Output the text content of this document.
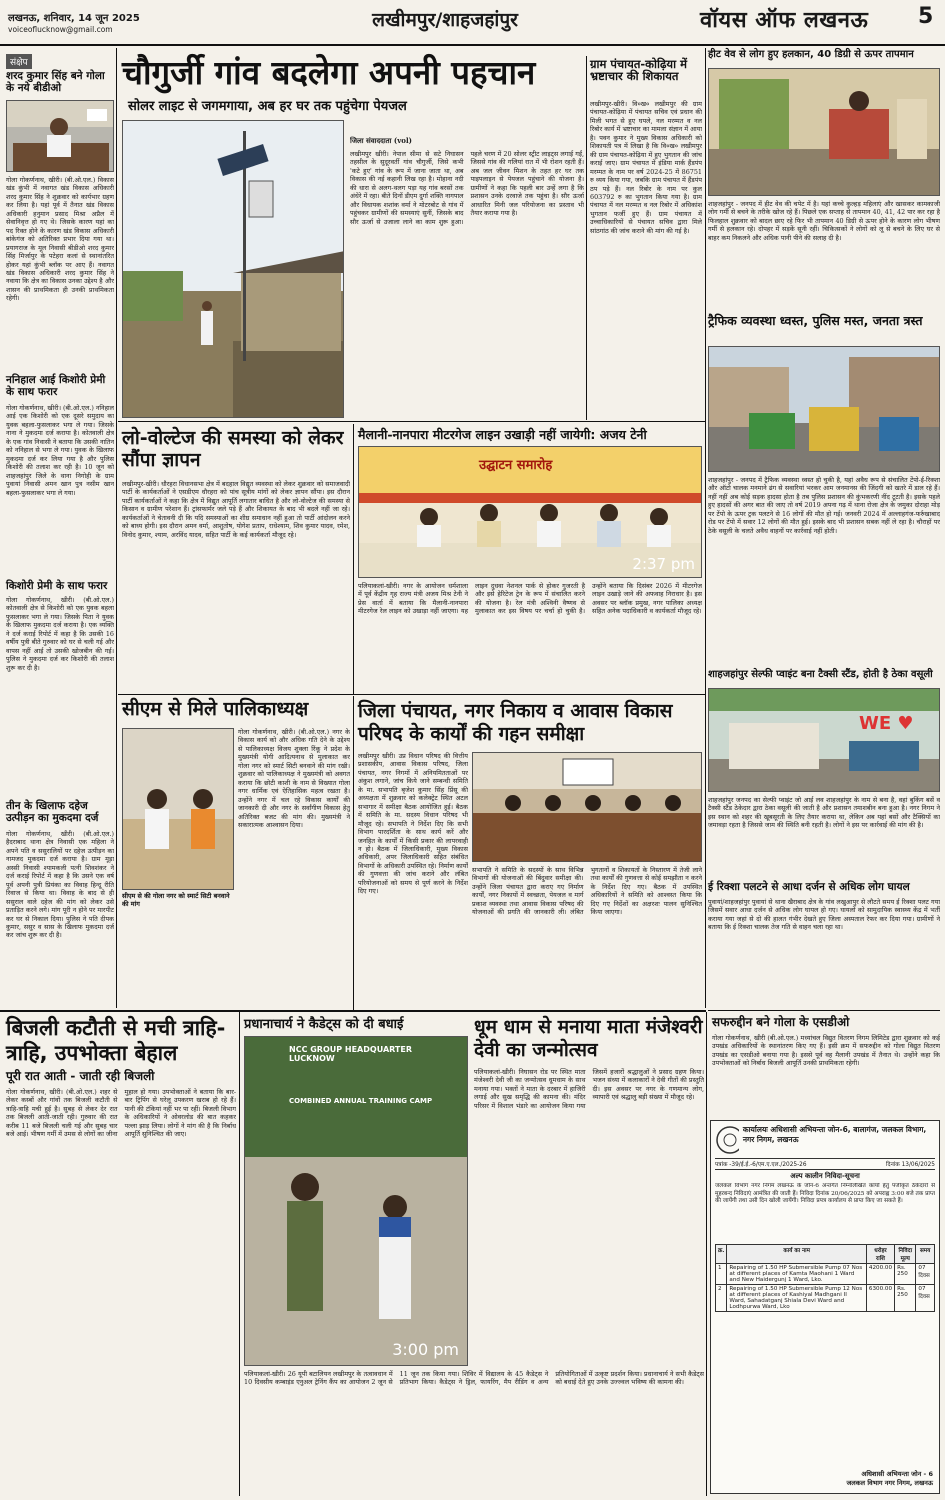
लखनऊ, शनिवार, 14 जून 2025
voiceoflucknow@gmail.com	लखीमपुर/शाहजहांपुर	वॉयस ऑफ लखनऊ 5
संक्षेप
शरद कुमार सिंह बने गोला के नये बीडीओ
गोला गोकर्णनाथ, खीरी। (बी.ओ.एल.) विकास खंड कुंभी में नवागत खंड विकास अधिकारी शरद कुमार सिंह ने शुक्रवार को कार्यभार ग्रहण कर लिया है। यहां पूर्व में तैनात खंड विकास अधिकारी हनुमान प्रसाद मिश्रा अप्रैल में सेवानिवृत्त हो गए थे। जिसके कारण यहां का पद रिक्त होने के कारण खंड विकास अधिकारी बांकेगंज को अतिरिक्त प्रभार दिया गया था। प्रयागराज के मूल निवासी बीडीओ शरद कुमार सिंह मिर्जापुर के पटेहरा कलां से स्थानांतरित होकर यहां कुंभी ब्लॉक पर आए हैं। नवागत खंड विकास अधिकारी शरद कुमार सिंह ने नवाया कि क्षेत्र का विकास उनका उद्देश्य है और शासन की प्राथमिकता ही उनकी प्राथमिकता रहेगी।
ननिहाल आई किशोरी प्रेमी के साथ फरार
गोला गोकर्णनाथ, खीरी। (बी.ओ.एल.) ननिहाल आई एक किशोरी को एक दूसरे समुदाय का युवक बहला-फुसलाकर भगा ले गया। जिसके नाना ने मुकदमा दर्ज कराया है। कोतवाली क्षेत्र के एक गांव निवासी ने बताया कि उसकी नातिन को ननिहाल से भगा ले गया। युवक के खिलाफ मुकदमा दर्ज कर लिया गया है और पुलिस किशोरी की तलाश कर रही है। 10 जून को शाहजहांपुर जिले के थाना निगोही के ग्राम पुवायां निवासी अमन खान पुत्र नसीम खान बहला-फुसलाकर भगा ले गया।
किशोरी प्रेमी के साथ फरार
गोला गोकर्णनाथ, खीरी। (बी.ओ.एल.) कोतवाली क्षेत्र से किशोरी को एक युवक बहला फुसलाकर भगा ले गया। जिसके पिता ने युवक के खिलाफ मुकदमा दर्ज कराया है। एक व्यक्ति ने दर्ज कराई रिपोर्ट में कहा है कि उसकी 16 वर्षीय पुत्री बीते गुरुवार को घर से चली गई और वापस नहीं आई तो उसकी खोजबीन की गई। पुलिस ने मुकदमा दर्ज कर किशोरी की तलाश शुरू कर दी है।
तीन के खिलाफ दहेज उत्पीड़न का मुकदमा दर्ज
गोला गोकर्णनाथ, खीरी। (बी.ओ.एल.) हैदराबाद थाना क्षेत्र निवासी एक महिला ने अपने पति व ससुरालियों पर दहेज उत्पीड़न का नामजद मुकदमा दर्ज कराया है। ग्राम मूड़ा अस्सी निवासी श्यामकली पत्नी शिवशंकर ने दर्ज कराई रिपोर्ट में कहा है कि उसने एक वर्ष पूर्व अपनी पुत्री प्रियंका का विवाह हिन्दू रीति रिवाज से किया था। विवाह के बाद से ही ससुराल वाले दहेज की मांग को लेकर उसे प्रताड़ित करने लगे। मांग पूरी न होने पर मारपीट कर घर से निकाल दिया। पुलिस ने पति दीपक कुमार, ससुर व सास के खिलाफ मुकदमा दर्ज कर जांच शुरू कर दी है।
चौगुर्जी गांव बदलेगा अपनी पहचान
सोलर लाइट से जगमगाया, अब हर घर तक पहुंचेगा पेयजल
जिला संवाददाता (vol)
लखीमपुर खीरी। नेपाल सीमा से सटे निघासन तहसील के सुदूरवर्ती गांव चौगुर्जी, जिसे कभी 'कटे हुए' गांव के रूप में जाना जाता था, अब विकास की नई कहानी लिख रहा है। मोहाना नदी की धारा से अलग-थलग पड़ा यह गांव बरसों तक अंधेरे में रहा। बीते दिनों डीएम दुर्गा शक्ति नागपाल और विधायक शशांक वर्मा ने मोटरबोट से गांव में पहुंचकर ग्रामीणों की समस्याएं सुनीं, जिसके बाद सौर ऊर्जा से उजाला लाने का काम शुरू हुआ। पहले चरण में 20 सोलर स्ट्रीट लाइट्स लगाई गईं, जिससे गांव की गलियां रात में भी रोशन रहती हैं। अब जल जीवन मिशन के तहत हर घर तक पाइपलाइन से पेयजल पहुंचाने की योजना है। ग्रामीणों ने कहा कि पहली बार उन्हें लगा है कि प्रशासन उनके दरवाजे तक पहुंचा है। सौर ऊर्जा आधारित मिनी जल परियोजना का प्रस्ताव भी तैयार कराया गया है।
ग्राम पंचायत-कोढ़िया में भ्रष्टाचार की शिकायत
लखीमपुर-खीरी। वि०ख० लखीमपुर की ग्राम पंचायत-कोढ़िया में पंचायत सचिव एवं प्रधान की मिली भगत से हुए घपले, नल मरम्मत व नल रिबोर कार्य में भ्रष्टाचार का मामला संज्ञान में आया है। पवन कुमार ने मुख्य विकास अधिकारी को शिकायती पत्र में लिखा है कि वि०ख० लखीमपुर की ग्राम पंचायत-कोढ़िया में हुए भुगतान की जांच कराई जाए। ग्राम पंचायत में इंडिया मार्क हैंडपंप मरम्मत के नाम पर वर्ष 2024-25 में 86751 रु व्यय किया गया, जबकि ग्राम पंचायत में हैंडपंप ठप पड़े हैं। नल रिबोर के नाम पर कुल 603792 रु का भुगतान किया गया है। ग्राम पंचायत में नल मरम्मत व नल रिबोर में अधिकांश भुगतान फर्जी हुए हैं। ग्राम पंचायत में उच्चाधिकारियों से पंचायत सचिव द्वारा मिले सांठगांठ की जांच कराने की मांग की गई है।
हीट वेव से लोग हुए हलकान, 40 डिग्री से ऊपर तापमान
शाहजहांपुर - जनपद में हीट वेव की चपेट में है। यहां कच्चे कुल्हड़ महिलाएं और खासकर कामकाजी लोग गर्मी से बचने के तरीके खोज रहे हैं। पिछले एक सप्ताह से तापमान 40, 41, 42 पार कर रहा है फिलहाल शुक्रवार को बादल छाए रहे फिर भी तापमान 40 डिग्री से ऊपर होने के कारण लोग भीषण गर्मी से हलकान रहे। दोपहर में सड़कें सूनी रहीं। चिकित्सकों ने लोगों को लू से बचने के लिए घर से बाहर कम निकलने और अधिक पानी पीने की सलाह दी है।
ट्रैफिक व्यवस्था ध्वस्त, पुलिस मस्त, जनता त्रस्त
शाहजहांपुर - जनपद में ट्रैफिक व्यवस्था ध्वस्त हो चुकी है, यहां अवैध रूप से संचालित टेंपो-ई-रिक्शा और ऑटो चालक मनमाने ढंग से सवारियां भरकर आम जनमानस की जिंदगी को खतरे में डाल रहे हैं। नहीं नहीं अब कोई सड़क हादसा होता है तब पुलिस प्रशासन की कुंभकरणी नींद टूटती है। इसके पहले हुए हादसों की अगर बात की जाए तो वर्ष 2019 अपना गढ़ में थाना रोजा क्षेत्र के जमुका दोराहा मोड़ पर टेंपो के ऊपर ट्रक पलटने से 16 लोगों की मौत हो गई। जनवरी 2024 में अल्लाहगंज-फर्रुखाबाद रोड पर टेंपो में सवार 12 लोगों की मौत हुई। इसके बाद भी प्रशासन सबक नहीं ले रहा है। चौराहों पर ठेके वसूली के चलते अवैध वाहनों पर कार्रवाई नहीं होती।
शाहजहांपुर सेल्फी प्वाइंट बना टैक्सी स्टैंड, होती है ठेका वसूली
WE ♥
शाहजहांपुर जनपद का सेल्फी प्वाइंट जो आई लव शाहजहांपुर के नाम से बना है, वहां बुकिंग बसें व टैक्सी स्टैंड ठेकेदार द्वारा ठेका वसूली की जाती है और प्रशासन तमाशबीन बना हुआ है। नगर निगम ने इस स्थान को शहर की खूबसूरती के लिए तैयार कराया था, लेकिन अब यहां बसों और टैक्सियों का जमावड़ा रहता है जिससे जाम की स्थिति बनी रहती है। लोगों ने इस पर कार्रवाई की मांग की है।
ई रिक्शा पलटने से आधा दर्जन से अधिक लोग घायल
पुवायां/शाहजहांपुर पुवायां से थाना खैराबाद क्षेत्र के गांव लखुआपुर से लौटते समय ई रिक्शा पलट गया जिसमें सवार आधा दर्जन से अधिक लोग घायल हो गए। घायलों को सामुदायिक स्वास्थ्य केंद्र में भर्ती कराया गया जहां से दो की हालत गंभीर देखते हुए जिला अस्पताल रेफर कर दिया गया। ग्रामीणों ने बताया कि ई रिक्शा चालक तेज गति से वाहन चला रहा था।
लो-वोल्टेज की समस्या को लेकर सौंपा ज्ञापन
लखीमपुर-खीरी। धौरहरा विधानसभा क्षेत्र में बदहाल विद्युत व्यवस्था को लेकर शुक्रवार को समाजवादी पार्टी के कार्यकर्ताओं ने एसडीएम धौरहरा को पांच सूत्रीय मांगों को लेकर ज्ञापन सौंपा। इस दौरान पार्टी कार्यकर्ताओं ने कहा कि क्षेत्र में विद्युत आपूर्ति लगातार बाधित है और लो-वोल्टेज की समस्या से किसान व ग्रामीण परेशान हैं। ट्रांसफार्मर जले पड़े हैं और शिकायत के बाद भी बदले नहीं जा रहे। कार्यकर्ताओं ने चेतावनी दी कि यदि समस्याओं का शीघ्र समाधान नहीं हुआ तो पार्टी आंदोलन करने को बाध्य होगी। इस दौरान अमन वर्मा, आशुतोष, योगेश प्रताप, राधेश्याम, शिव कुमार यादव, रमेश, विनोद कुमार, श्याम, अरविंद यादव, सहित पार्टी के कई कार्यकर्ता मौजूद रहे।
मैलानी-नानपारा मीटरगेज लाइन उखाड़ी नहीं जायेगी: अजय टेनी
उद्घाटन समारोह
2:37 pm
पलियाकलां-खीरी। नगर के आयोजन धर्मशाला में पूर्व केंद्रीय गृह राज्य मंत्री अजय मिश्र टेनी ने प्रेस वार्ता में बताया कि मैलानी-नानपारा मीटरगेज रेल लाइन को उखाड़ा नहीं जाएगा। यह लाइन दुधवा नेशनल पार्क से होकर गुजरती है और इसे हेरिटेज ट्रेन के रूप में संचालित करने की योजना है। रेल मंत्री अश्विनी वैष्णव से मुलाकात कर इस विषय पर चर्चा हो चुकी है। उन्होंने बताया कि दिसंबर 2026 में मीटरगेज लाइन उखाड़े जाने की अफवाह निराधार है। इस अवसर पर ब्लॉक प्रमुख, नगर पालिका अध्यक्ष सहित अनेक पदाधिकारी व कार्यकर्ता मौजूद रहे।
सीएम से मिले पालिकाध्यक्ष
सीएम से की गोला नगर को स्मार्ट सिटी बनवाने की मांग
गोला गोकर्णनाथ, खीरी। (बी.ओ.एल.) नगर के विकास कार्य को और अधिक गति देने के उद्देश्य से पालिकाध्यक्ष विजय शुक्ला रिंकू ने प्रदेश के मुख्यमंत्री योगी आदित्यनाथ से मुलाकात कर गोला नगर को स्मार्ट सिटी बनवाने की मांग रखी। शुक्रवार को पालिकाध्यक्ष ने मुख्यमंत्री को अवगत कराया कि छोटी काशी के नाम से विख्यात गोला नगर धार्मिक एवं ऐतिहासिक महत्व रखता है। उन्होंने नगर में चल रहे विकास कार्यों की जानकारी दी और नगर के सर्वांगीण विकास हेतु अतिरिक्त बजट की मांग की। मुख्यमंत्री ने सकारात्मक आश्वासन दिया।
जिला पंचायत, नगर निकाय व आवास विकास परिषद के कार्यों की गहन समीक्षा
लखीमपुर खीरी। उप्र विधान परिषद की वित्तीय प्रशासकीय, आवास विकास परिषद, जिला पंचायत, नगर निगमों में अनियमितताओं पर अंकुश लगाने, जांच किये जाने सम्बन्धी समिति के मा. सभापति बृजेश कुमार सिंह प्रिंसू की अध्यक्षता में शुक्रवार को कलेक्ट्रेट स्थित अटल सभागार में समीक्षा बैठक आयोजित हुई। बैठक में समिति के मा. सदस्य विधान परिषद भी मौजूद रहे। सभापति ने निर्देश दिए कि सभी विभाग पारदर्शिता के साथ कार्य करें और जनहित के कार्यों में किसी प्रकार की लापरवाही न हो। बैठक में जिलाधिकारी, मुख्य विकास अधिकारी, अपर जिलाधिकारी सहित संबंधित विभागों के अधिकारी उपस्थित रहे। निर्माण कार्यों की गुणवत्ता की जांच कराने और लंबित परियोजनाओं को समय से पूर्ण करने के निर्देश दिए गए।
सभापति ने समिति के सदस्यों के साथ विभिन्न विभागों की योजनाओं की बिंदुवार समीक्षा की। उन्होंने जिला पंचायत द्वारा कराए गए निर्माण कार्यों, नगर निकायों में स्वच्छता, पेयजल व मार्ग प्रकाश व्यवस्था तथा आवास विकास परिषद की योजनाओं की प्रगति की जानकारी ली। लंबित भुगतानों व शिकायतों के निस्तारण में तेजी लाने तथा कार्यों की गुणवत्ता से कोई समझौता न करने के निर्देश दिए गए। बैठक में उपस्थित अधिकारियों ने समिति को आश्वस्त किया कि दिए गए निर्देशों का अक्षरशः पालन सुनिश्चित किया जाएगा।
सफरुद्दीन बने गोला के एसडीओ
गोला गोकर्णनाथ, खीरी (बी.ओ.एल.) मध्यांचल विद्युत वितरण निगम लिमिटेड द्वारा शुक्रवार को कई उपखंड अधिकारियों के स्थानांतरण किए गए हैं। इसी क्रम में सफरुद्दीन को गोला विद्युत वितरण उपखंड का एसडीओ बनाया गया है। इससे पूर्व वह मैलानी उपखंड में तैनात थे। उन्होंने कहा कि उपभोक्ताओं को निर्बाध बिजली आपूर्ति उनकी प्राथमिकता रहेगी।
बिजली कटौती से मची त्राहि-त्राहि, उपभोक्ता बेहाल
पूरी रात आती - जाती रही बिजली
गोला गोकर्णनाथ, खीरी। (बी.ओ.एल.) शहर से लेकर कस्बों और गांवों तक बिजली कटौती से त्राहि-त्राहि मची हुई है। सुबह से लेकर देर रात तक बिजली आती-जाती रही। गुरुवार की रात करीब 11 बजे बिजली चली गई और सुबह चार बजे आई। भीषण गर्मी में उमस से लोगों का जीना मुहाल हो गया। उपभोक्ताओं ने बताया कि बार-बार ट्रिपिंग से घरेलू उपकरण खराब हो रहे हैं। पानी की टंकियां नहीं भर पा रहीं। बिजली विभाग के अधिकारियों ने ओवरलोड की बात कहकर पल्ला झाड़ लिया। लोगों ने मांग की है कि निर्बाध आपूर्ति सुनिश्चित की जाए।
प्रधानाचार्य ने कैडेट्स को दी बधाई
NCC GROUP HEADQUARTER LUCKNOW
COMBINED ANNUAL TRAINING CAMP
3:00 pm
धूम धाम से मनाया माता मंजेश्वरी देवी का जन्मोत्सव
पलियाकलां-खीरी। निघासन रोड पर स्थित माता मंजेश्वरी देवी जी का जन्मोत्सव धूमधाम के साथ मनाया गया। भक्तों ने माता के दरबार में हाजिरी लगाई और सुख समृद्धि की कामना की। मंदिर परिसर में विशाल भंडारे का आयोजन किया गया जिसमें हजारों श्रद्धालुओं ने प्रसाद ग्रहण किया। भजन संध्या में कलाकारों ने देवी गीतों की प्रस्तुति दी। इस अवसर पर नगर के गणमान्य लोग, व्यापारी एवं श्रद्धालु बड़ी संख्या में मौजूद रहे।
पलियाकलां-खीरी। 26 यूपी बटालियन लखीमपुर के तत्वावधान में 10 दिवसीय कम्बाइंड एनुअल ट्रेनिंग कैंप का आयोजन 2 जून से 11 जून तक किया गया। शिविर में विद्यालय के 45 कैडेट्स ने प्रतिभाग किया। कैडेट्स ने ड्रिल, फायरिंग, मैप रीडिंग व अन्य प्रतियोगिताओं में उत्कृष्ट प्रदर्शन किया। प्रधानाचार्य ने सभी कैडेट्स को बधाई देते हुए उनके उज्ज्वल भविष्य की कामना की।
कार्यालयः अधिशासी अभियन्ता जोन-6, बालागंज, जलकल विभाग, नगर निगम, लखनऊ
पत्रांक -39/ई.ई.-6/एम.ए.एल./2025-26	दिनांक 13/06/2025
अल्प कालीन निविदा-सूचना
जलकल विभाग नगर निगम लखनऊ के जोन-6 अन्तर्गत निम्नलिखित कार्यों हेतु पंजीकृत ठेकेदारों से मुहरबन्द निविदाएं आमंत्रित की जाती हैं। निविदा दिनांक 20/06/2025 को अपराह्न 3:00 बजे तक प्राप्त की जायेंगी तथा उसी दिन खोली जायेंगी। निविदा प्रपत्र कार्यालय से प्राप्त किए जा सकते हैं।
क्र.	कार्य का नाम	धरोहर राशि	निविदा मूल्य	समय
1	Repairing of 1.50 HP Submersible Pump 07 Nos at different places of Kamta Maohani 1 Ward and New Haidergunj 1 Ward, Lko.	4200.00	Rs. 250	07 दिवस
2	Repairing of 1.50 HP Submersible Pump 12 Nos at different places of Kashiyal Madhgani II Ward, Sahadatganj Shiala Devi Ward and Lodhpurwa Ward, Lko	6300.00	Rs. 250	07 दिवस
अधिशासी अभियन्ता जोन - 6
जलकल विभाग नगर निगम, लखनऊ
